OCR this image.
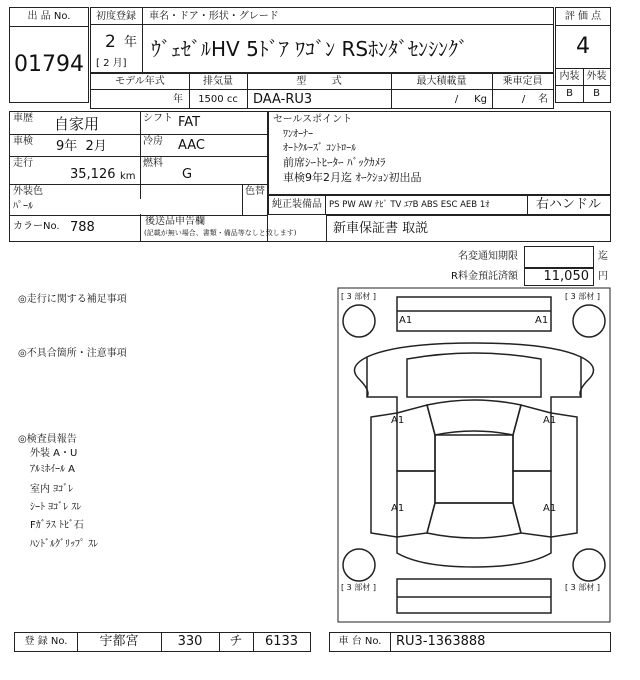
出 品 No.
01794
初度登録 車名・ドア・形状・グレード
2 年
[ 2 月]
ｳﾞｪｾﾞﾙHV 5ﾄﾞｱ ﾜｺﾞﾝ RSﾎﾝﾀﾞｾﾝｼﾝｸﾞ
評 価 点
4
内装 外装
B	B
モデル年式	排気量	型        式	最大積載量	乗車定員
年	1500 cc	DAA-RU3	/     Kg	/    名
車歴 自家用	シフト FAT
車検 9年  2月	冷房 AAC
走行
35,126 km
燃料
G
外装色
ﾊﾟｰﾙ
色替
カラーNo. 788	後送品申告欄
(記載が無い場合、書類・備品等なしと致します)
セールスポイント
ﾜﾝｵｰﾅｰ
ｵｰﾄｸﾙｰｽﾞ ｺﾝﾄﾛｰﾙ
前席ｼｰﾄﾋｰﾀｰ ﾊﾞｯｸｶﾒﾗ
車検9年2月迄 ｵｰｸｼｮﾝ初出品
純正装備品 PS PW AW ﾅﾋﾞ TV ｴｱB ABS ESC AEB 1ｵ	右ハンドル
新車保証書 取説
名変通知期限	迄
R料金預託済額	11,050 円
◎走行に関する補足事項
◎不具合箇所・注意事項
◎検査員報告
外装 A・U
ｱﾙﾐﾎｲｰﾙ A
室内 ﾖｺﾞﾚ
ｼｰﾄ ﾖｺﾞﾚ ｽﾚ
Fｶﾞﾗｽ ﾄﾋﾞ石
ﾊﾝﾄﾞﾙｸﾞﾘｯﾌﾟ ｽﾚ
[ 3 部材 ]	[ 3 部材 ]
[ 3 部材 ]	[ 3 部材 ]
A1	A1
A1	A1
A1	A1
登 録 No.	宇都宮	330	チ	6133	車 台 No.	RU3-1363888
